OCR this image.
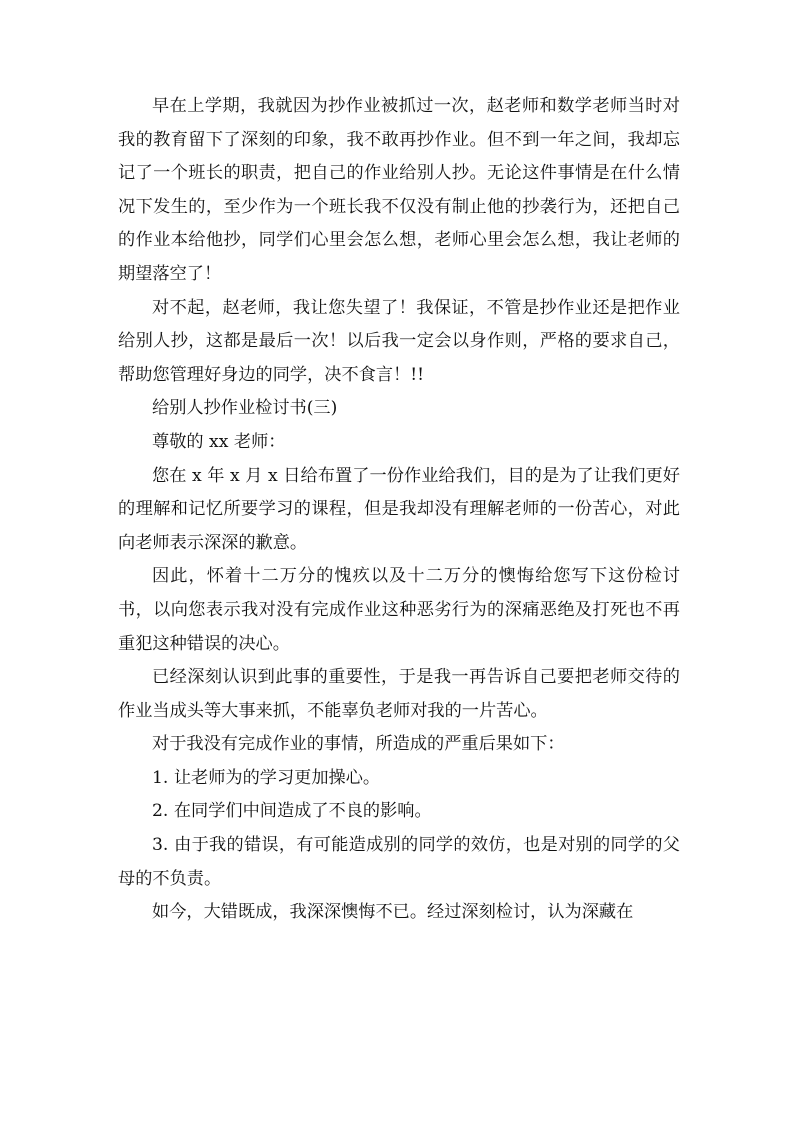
早在上学期，我就因为抄作业被抓过一次，赵老师和数学老师当时对我的教育留下了深刻的印象，我不敢再抄作业。但不到一年之间，我却忘记了一个班长的职责，把自己的作业给别人抄。无论这件事情是在什么情况下发生的，至少作为一个班长我不仅没有制止他的抄袭行为，还把自己的作业本给他抄，同学们心里会怎么想，老师心里会怎么想，我让老师的期望落空了！

对不起，赵老师，我让您失望了！我保证，不管是抄作业还是把作业给别人抄，这都是最后一次！以后我一定会以身作则，严格的要求自己，帮助您管理好身边的同学，决不食言！!!

给别人抄作业检讨书(三)

尊敬的 xx 老师：

您在 x 年 x 月 x 日给布置了一份作业给我们，目的是为了让我们更好的理解和记忆所要学习的课程，但是我却没有理解老师的一份苦心，对此向老师表示深深的歉意。

因此，怀着十二万分的愧疚以及十二万分的懊悔给您写下这份检讨书，以向您表示我对没有完成作业这种恶劣行为的深痛恶绝及打死也不再重犯这种错误的决心。

已经深刻认识到此事的重要性，于是我一再告诉自己要把老师交待的作业当成头等大事来抓，不能辜负老师对我的一片苦心。

对于我没有完成作业的事情，所造成的严重后果如下：

1. 让老师为的学习更加操心。

2. 在同学们中间造成了不良的影响。

3. 由于我的错误，有可能造成别的同学的效仿，也是对别的同学的父母的不负责。

如今，大错既成，我深深懊悔不已。经过深刻检讨，认为深藏在
